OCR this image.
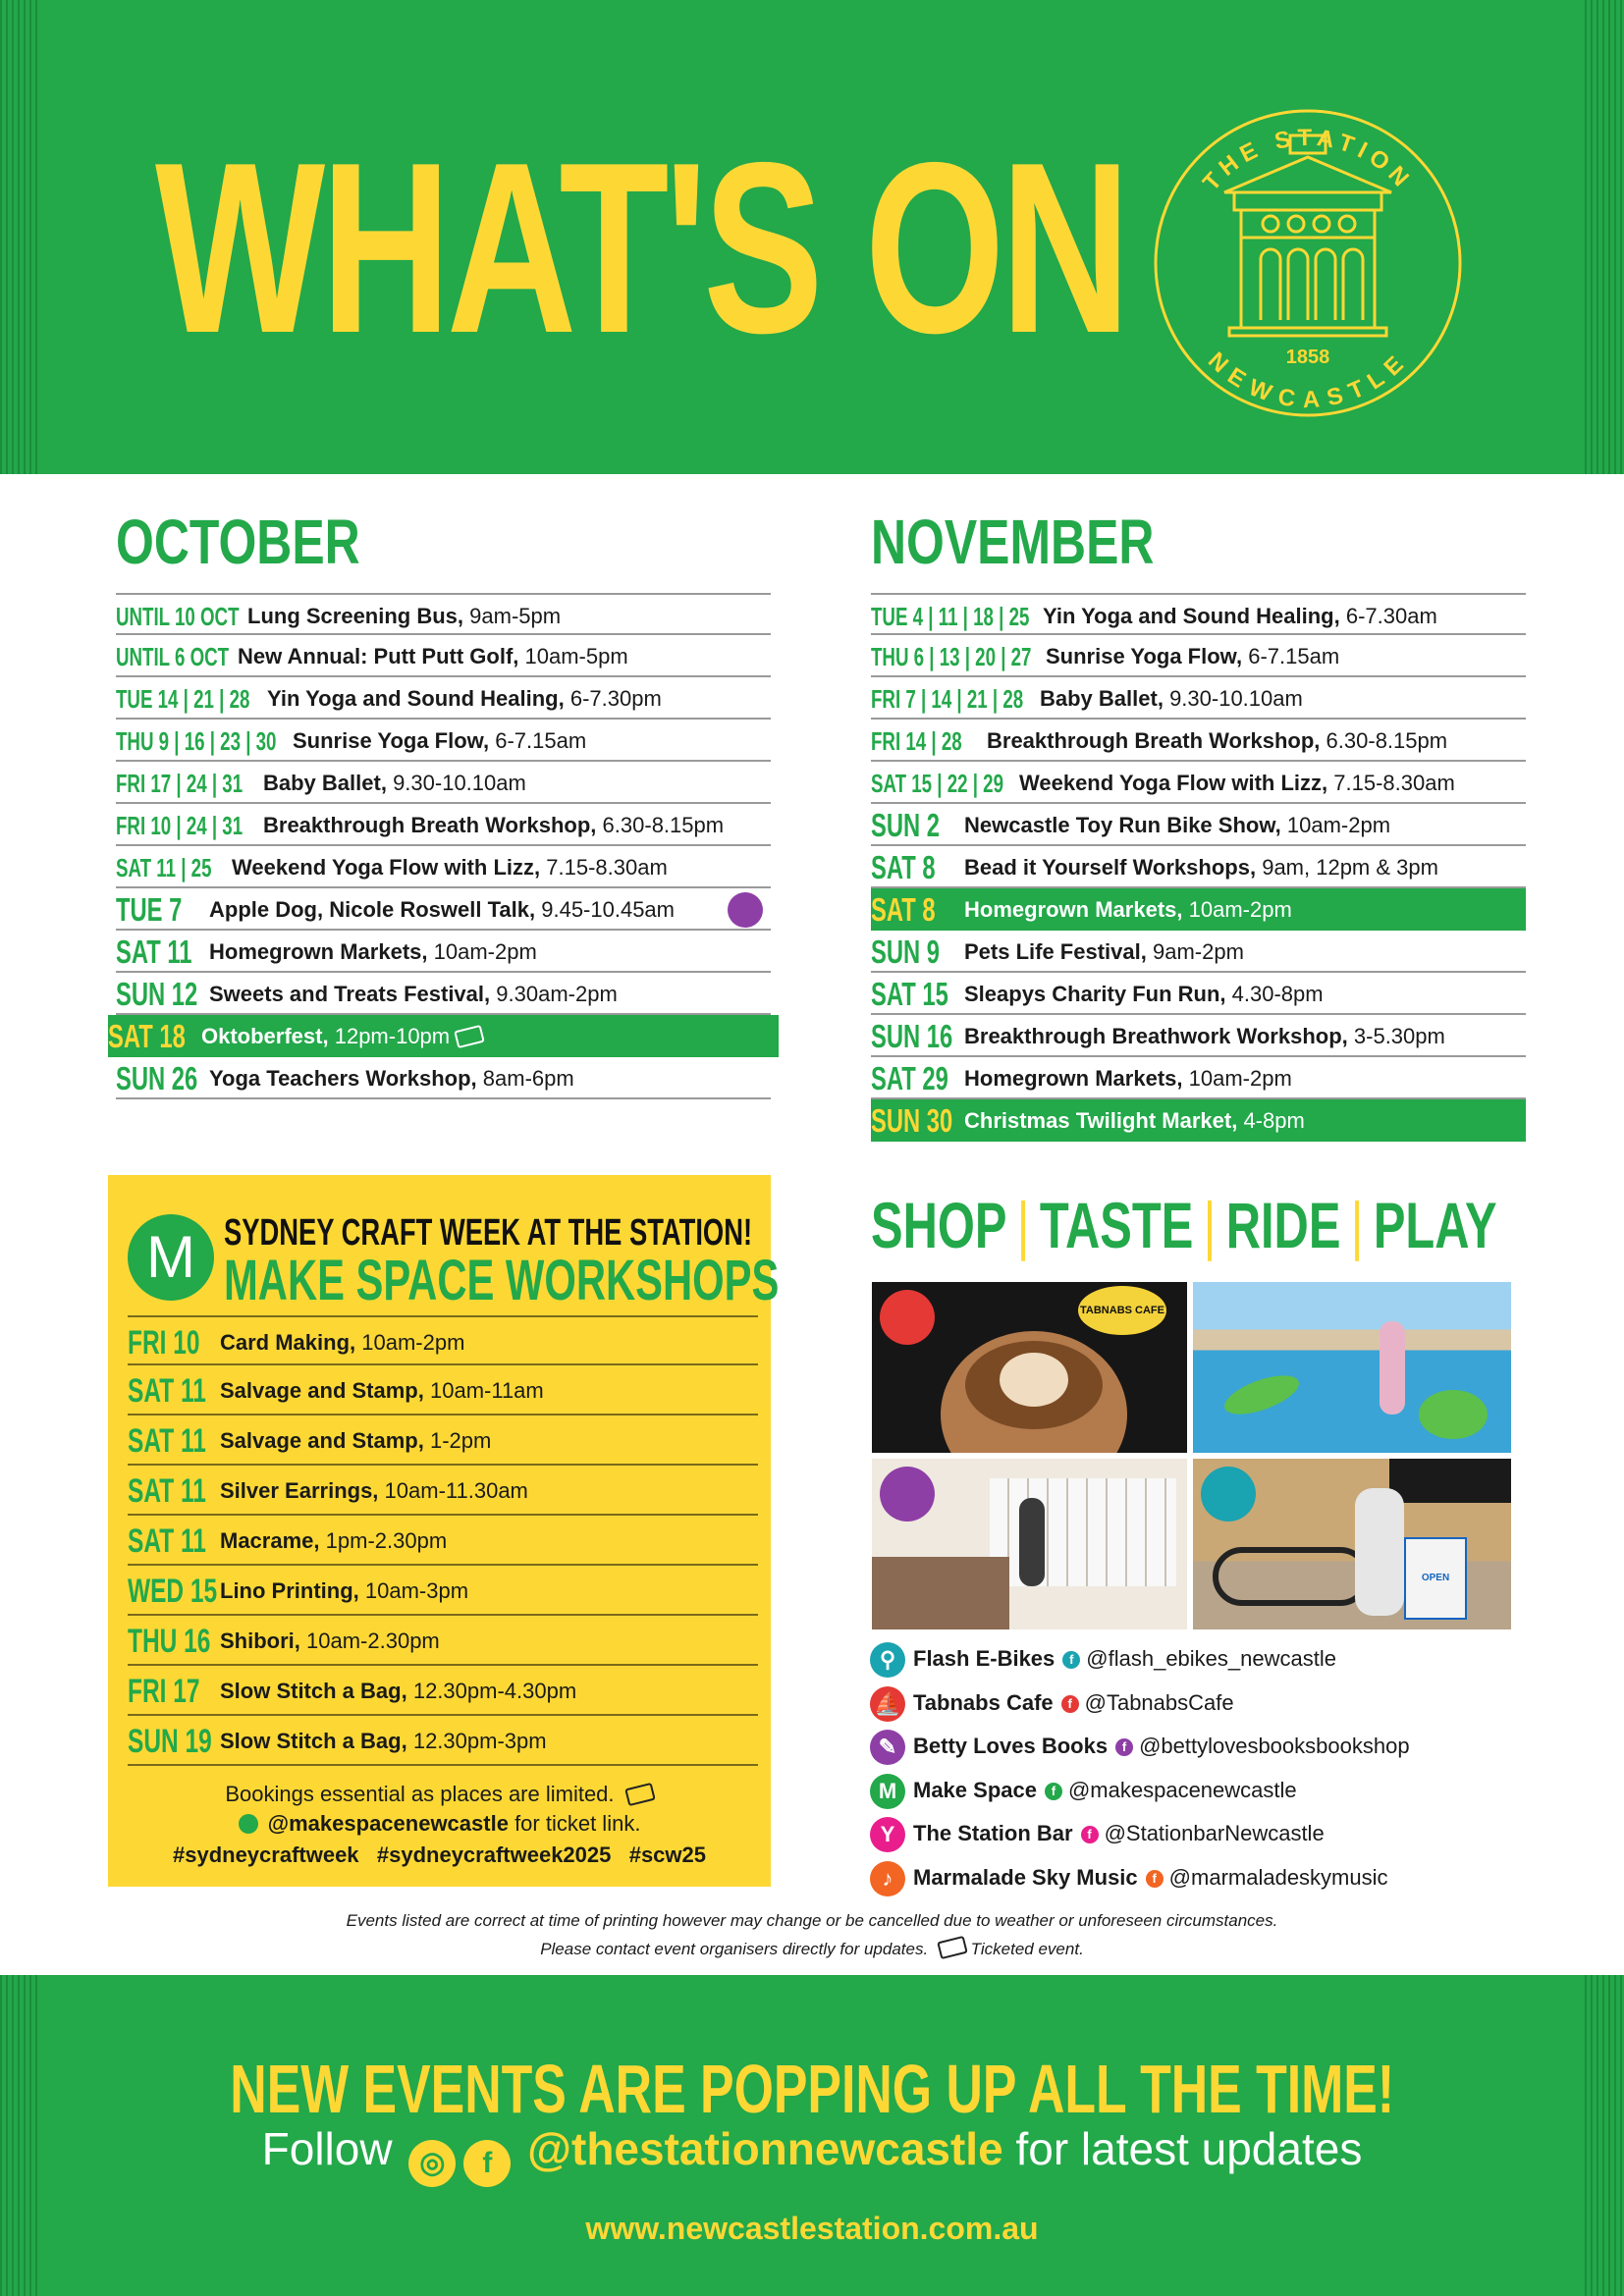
WHAT'S ON	THE STATION
NEWCASTLE
1858
OCTOBER
UNTIL 10 OCT Lung Screening Bus, 9am-5pm
UNTIL 6 OCT New Annual: Putt Putt Golf, 10am-5pm
TUE 14 | 21 | 28 Yin Yoga and Sound Healing, 6-7.30pm
THU 9 | 16 | 23 | 30 Sunrise Yoga Flow, 6-7.15am
FRI 17 | 24 | 31 Baby Ballet, 9.30-10.10am
FRI 10 | 24 | 31 Breakthrough Breath Workshop, 6.30-8.15pm
SAT 11 | 25 Weekend Yoga Flow with Lizz, 7.15-8.30am
TUE 7 Apple Dog, Nicole Roswell Talk, 9.45-10.45am
SAT 11 Homegrown Markets, 10am-2pm
SUN 12 Sweets and Treats Festival, 9.30am-2pm
SAT 18 Oktoberfest, 12pm-10pm
SUN 26 Yoga Teachers Workshop, 8am-6pm
NOVEMBER
TUE 4 | 11 | 18 | 25 Yin Yoga and Sound Healing, 6-7.30am
THU 6 | 13 | 20 | 27 Sunrise Yoga Flow, 6-7.15am
FRI 7 | 14 | 21 | 28 Baby Ballet, 9.30-10.10am
FRI 14 | 28 Breakthrough Breath Workshop, 6.30-8.15pm
SAT 15 | 22 | 29 Weekend Yoga Flow with Lizz, 7.15-8.30am
SUN 2 Newcastle Toy Run Bike Show, 10am-2pm
SAT 8 Bead it Yourself Workshops, 9am, 12pm & 3pm
SAT 8 Homegrown Markets, 10am-2pm
SUN 9 Pets Life Festival, 9am-2pm
SAT 15 Sleapys Charity Fun Run, 4.30-8pm
SUN 16 Breakthrough Breathwork Workshop, 3-5.30pm
SAT 29 Homegrown Markets, 10am-2pm
SUN 30 Christmas Twilight Market, 4-8pm
M SYDNEY CRAFT WEEK AT THE STATION!
MAKE SPACE WORKSHOPS
FRI 10 Card Making, 10am-2pm
SAT 11 Salvage and Stamp, 10am-11am
SAT 11 Salvage and Stamp, 1-2pm
SAT 11 Silver Earrings, 10am-11.30am
SAT 11 Macrame, 1pm-2.30pm
WED 15 Lino Printing, 10am-3pm
THU 16 Shibori, 10am-2.30pm
FRI 17 Slow Stitch a Bag, 12.30pm-4.30pm
SUN 19 Slow Stitch a Bag, 12.30pm-3pm
Bookings essential as places are limited.
@makespacenewcastle for ticket link.
#sydneycraftweek   #sydneycraftweek2025   #scw25
SHOP | TASTE | RIDE | PLAY
TABNABS CAFE
OPEN
⚲ Flash E-Bikes f @flash_ebikes_newcastle
⛵ Tabnabs Cafe f @TabnabsCafe
✎ Betty Loves Books f @bettylovesbooksbookshop
M Make Space f @makespacenewcastle
Y The Station Bar f @StationbarNewcastle
♪ Marmalade Sky Music f @marmaladeskymusic
Events listed are correct at time of printing however may change or be cancelled due to weather or unforeseen circumstances.
Please contact event organisers directly for updates.	Ticketed event.
NEW EVENTS ARE POPPING UP ALL THE TIME!
Follow ◎ f @thestationnewcastle for latest updates
www.newcastlestation.com.au
